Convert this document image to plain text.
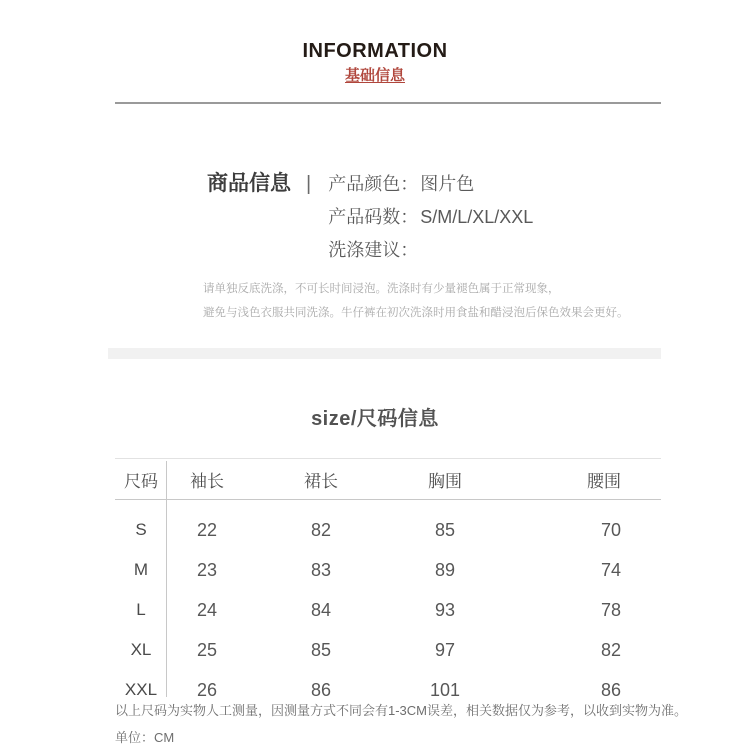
INFORMATION
基础信息
商品信息 | 产品颜色： 图片色
产品码数： S/M/L/XL/XXL
洗涤建议：
请单独反底洗涤，不可长时间浸泡。洗涤时有少量褪色属于正常现象，
避免与浅色衣服共同洗涤。牛仔裤在初次洗涤时用食盐和醋浸泡后保色效果会更好。
size/尺码信息
尺码	袖长	裙长	胸围	腰围
S	22	82	85	70
M	23	83	89	74
L	24	84	93	78
XL	25	85	97	82
XXL	26	86	101	86
以上尺码为实物人工测量，因测量方式不同会有1-3CM误差，相关数据仅为参考，以收到实物为准。
单位：CM
